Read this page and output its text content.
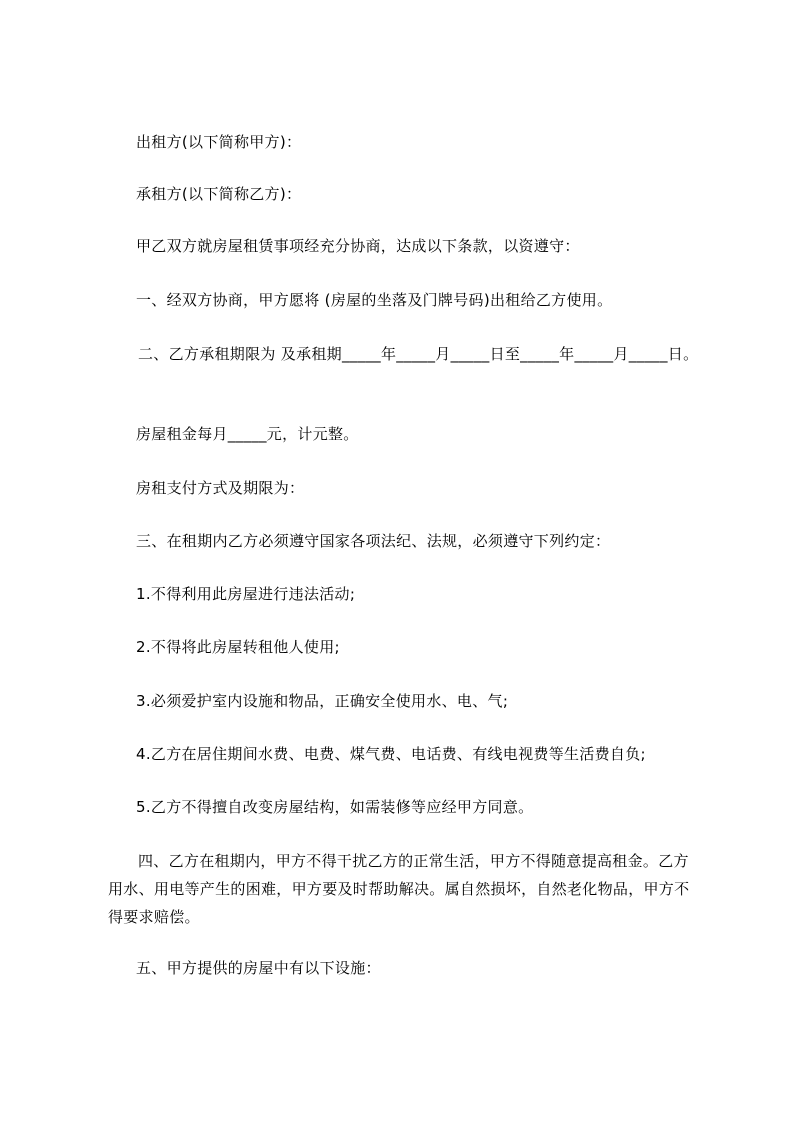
出租方(以下简称甲方)：
承租方(以下简称乙方)：
甲乙双方就房屋租赁事项经充分协商，达成以下条款，以资遵守：
一、经双方协商，甲方愿将 (房屋的坐落及门牌号码)出租给乙方使用。
二、乙方承租期限为 及承租期_____年_____月_____日至_____年_____月_____日。
房屋租金每月_____元，计元整。
房租支付方式及期限为：
三、在租期内乙方必须遵守国家各项法纪、法规，必须遵守下列约定：
1.不得利用此房屋进行违法活动;
2.不得将此房屋转租他人使用;
3.必须爱护室内设施和物品，正确安全使用水、电、气;
4.乙方在居住期间水费、电费、煤气费、电话费、有线电视费等生活费自负;
5.乙方不得擅自改变房屋结构，如需装修等应经甲方同意。
四、乙方在租期内，甲方不得干扰乙方的正常生活，甲方不得随意提高租金。乙方用水、用电等产生的困难，甲方要及时帮助解决。属自然损坏，自然老化物品，甲方不得要求赔偿。
五、甲方提供的房屋中有以下设施：
